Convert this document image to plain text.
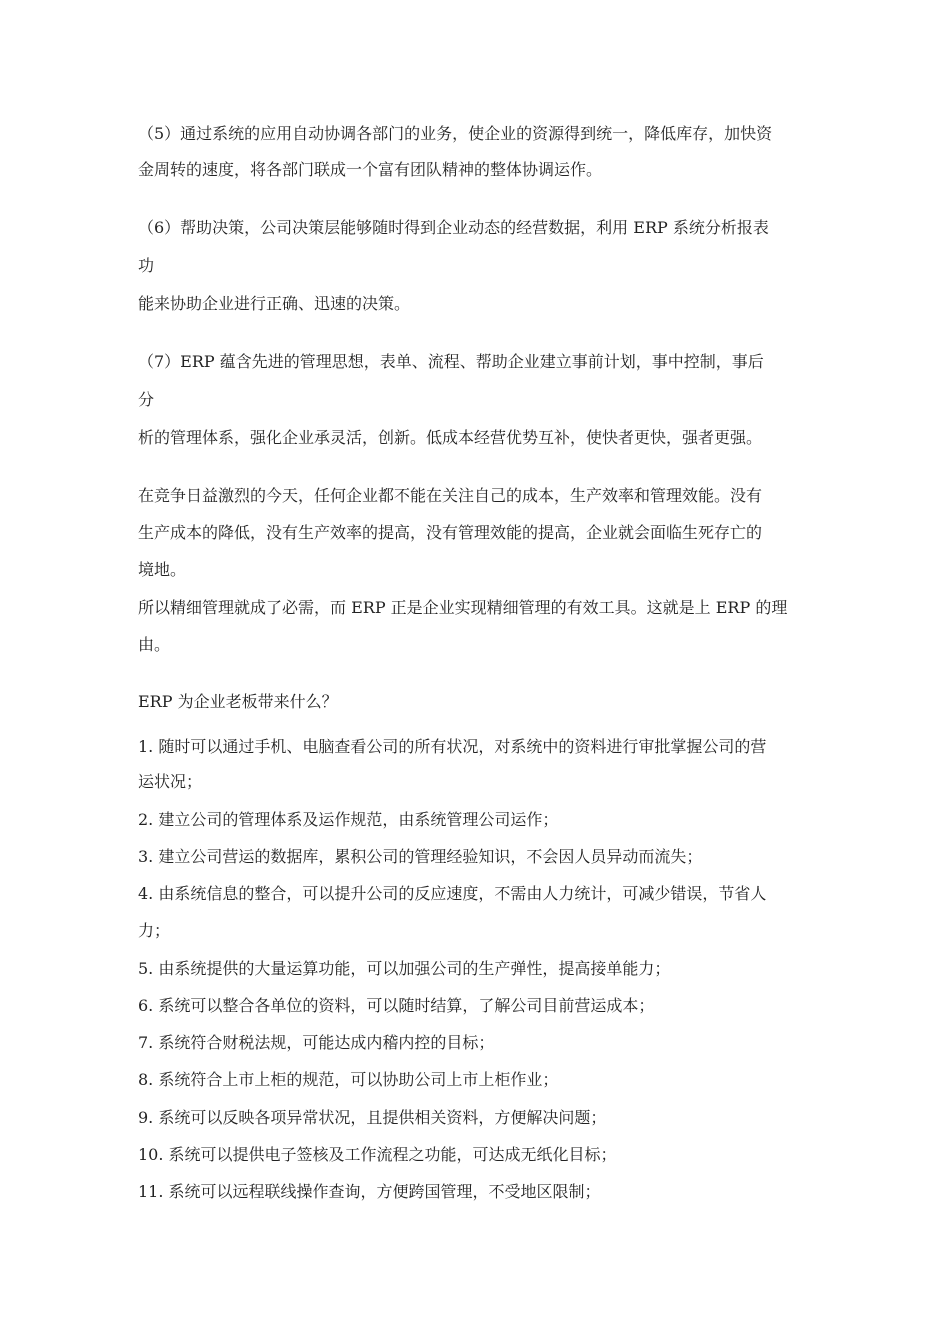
（5）通过系统的应用自动协调各部门的业务，使企业的资源得到统一，降低库存，加快资
金周转的速度，将各部门联成一个富有团队精神的整体协调运作。
（6）帮助决策，公司决策层能够随时得到企业动态的经营数据，利用 ERP 系统分析报表
功
能来协助企业进行正确、迅速的决策。
（7）ERP 蕴含先进的管理思想，表单、流程、帮助企业建立事前计划，事中控制，事后
分
析的管理体系，强化企业承灵活，创新。低成本经营优势互补，使快者更快，强者更强。
在竞争日益激烈的今天，任何企业都不能在关注自己的成本，生产效率和管理效能。没有
生产成本的降低，没有生产效率的提高，没有管理效能的提高，企业就会面临生死存亡的
境地。
所以精细管理就成了必需，而 ERP 正是企业实现精细管理的有效工具。这就是上 ERP 的理
由。
ERP 为企业老板带来什么？
1. 随时可以通过手机、电脑查看公司的所有状况，对系统中的资料进行审批掌握公司的营
运状况；
2. 建立公司的管理体系及运作规范，由系统管理公司运作；
3. 建立公司营运的数据库，累积公司的管理经验知识，不会因人员异动而流失；
4. 由系统信息的整合，可以提升公司的反应速度，不需由人力统计，可减少错误，节省人
力；
5. 由系统提供的大量运算功能，可以加强公司的生产弹性，提高接单能力；
6. 系统可以整合各单位的资料，可以随时结算，了解公司目前营运成本；
7. 系统符合财税法规，可能达成内稽内控的目标；
8. 系统符合上市上柜的规范，可以协助公司上市上柜作业；
9. 系统可以反映各项异常状况，且提供相关资料，方便解决问题；
10. 系统可以提供电子签核及工作流程之功能，可达成无纸化目标；
11. 系统可以远程联线操作查询，方便跨国管理，不受地区限制；
